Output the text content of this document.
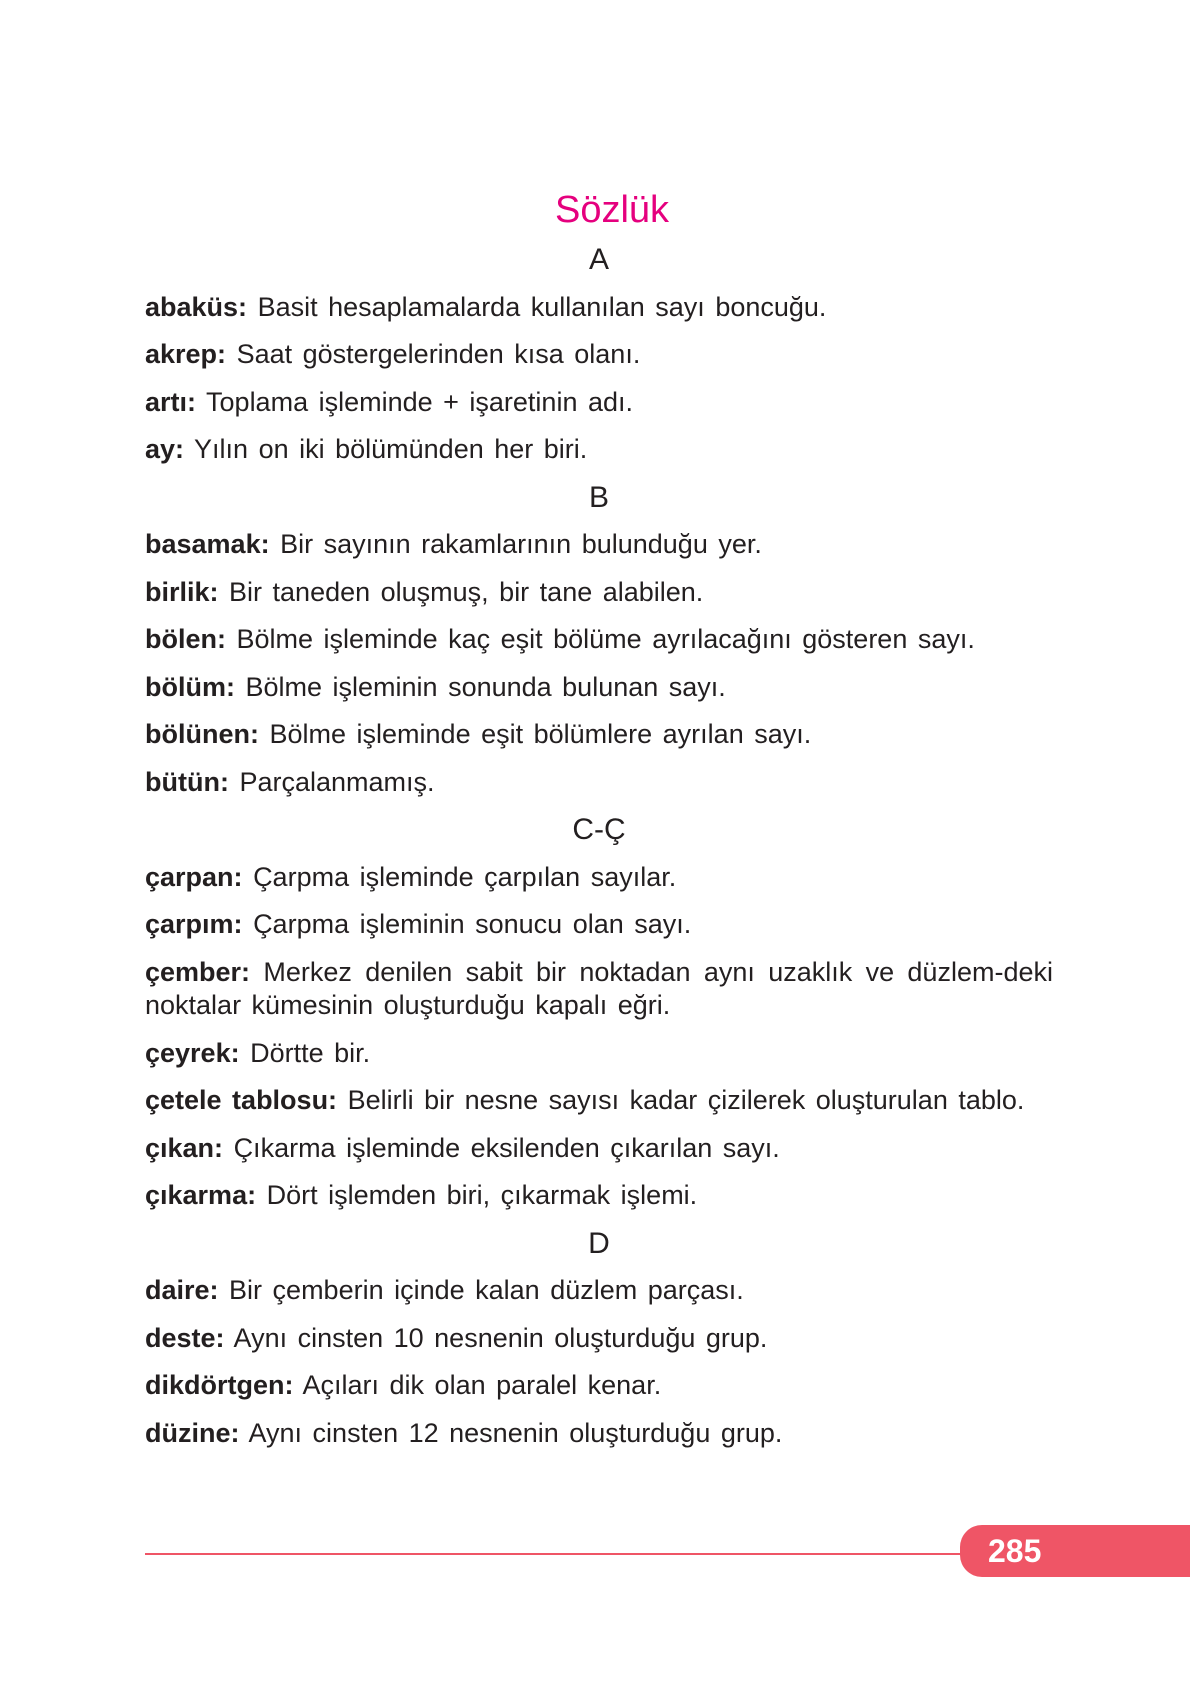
Sözlük
A
abaküs: Basit hesaplamalarda kullanılan sayı boncuğu.
akrep: Saat göstergelerinden kısa olanı.
artı: Toplama işleminde + işaretinin adı.
ay: Yılın on iki bölümünden her biri.
B
basamak: Bir sayının rakamlarının bulunduğu yer.
birlik: Bir taneden oluşmuş, bir tane alabilen.
bölen: Bölme işleminde kaç eşit bölüme ayrılacağını gösteren sayı.
bölüm: Bölme işleminin sonunda bulunan sayı.
bölünen: Bölme işleminde eşit bölümlere ayrılan sayı.
bütün: Parçalanmamış.
C-Ç
çarpan: Çarpma işleminde çarpılan sayılar.
çarpım: Çarpma işleminin sonucu olan sayı.
çember: Merkez denilen sabit bir noktadan aynı uzaklık ve düzlem-deki noktalar kümesinin oluşturduğu kapalı eğri.
çeyrek: Dörtte bir.
çetele tablosu: Belirli bir nesne sayısı kadar çizilerek oluşturulan tablo.
çıkan: Çıkarma işleminde eksilenden çıkarılan sayı.
çıkarma: Dört işlemden biri, çıkarmak işlemi.
D
daire: Bir çemberin içinde kalan düzlem parçası.
deste: Aynı cinsten 10 nesnenin oluşturduğu grup.
dikdörtgen: Açıları dik olan paralel kenar.
düzine: Aynı cinsten 12 nesnenin oluşturduğu grup.
285
